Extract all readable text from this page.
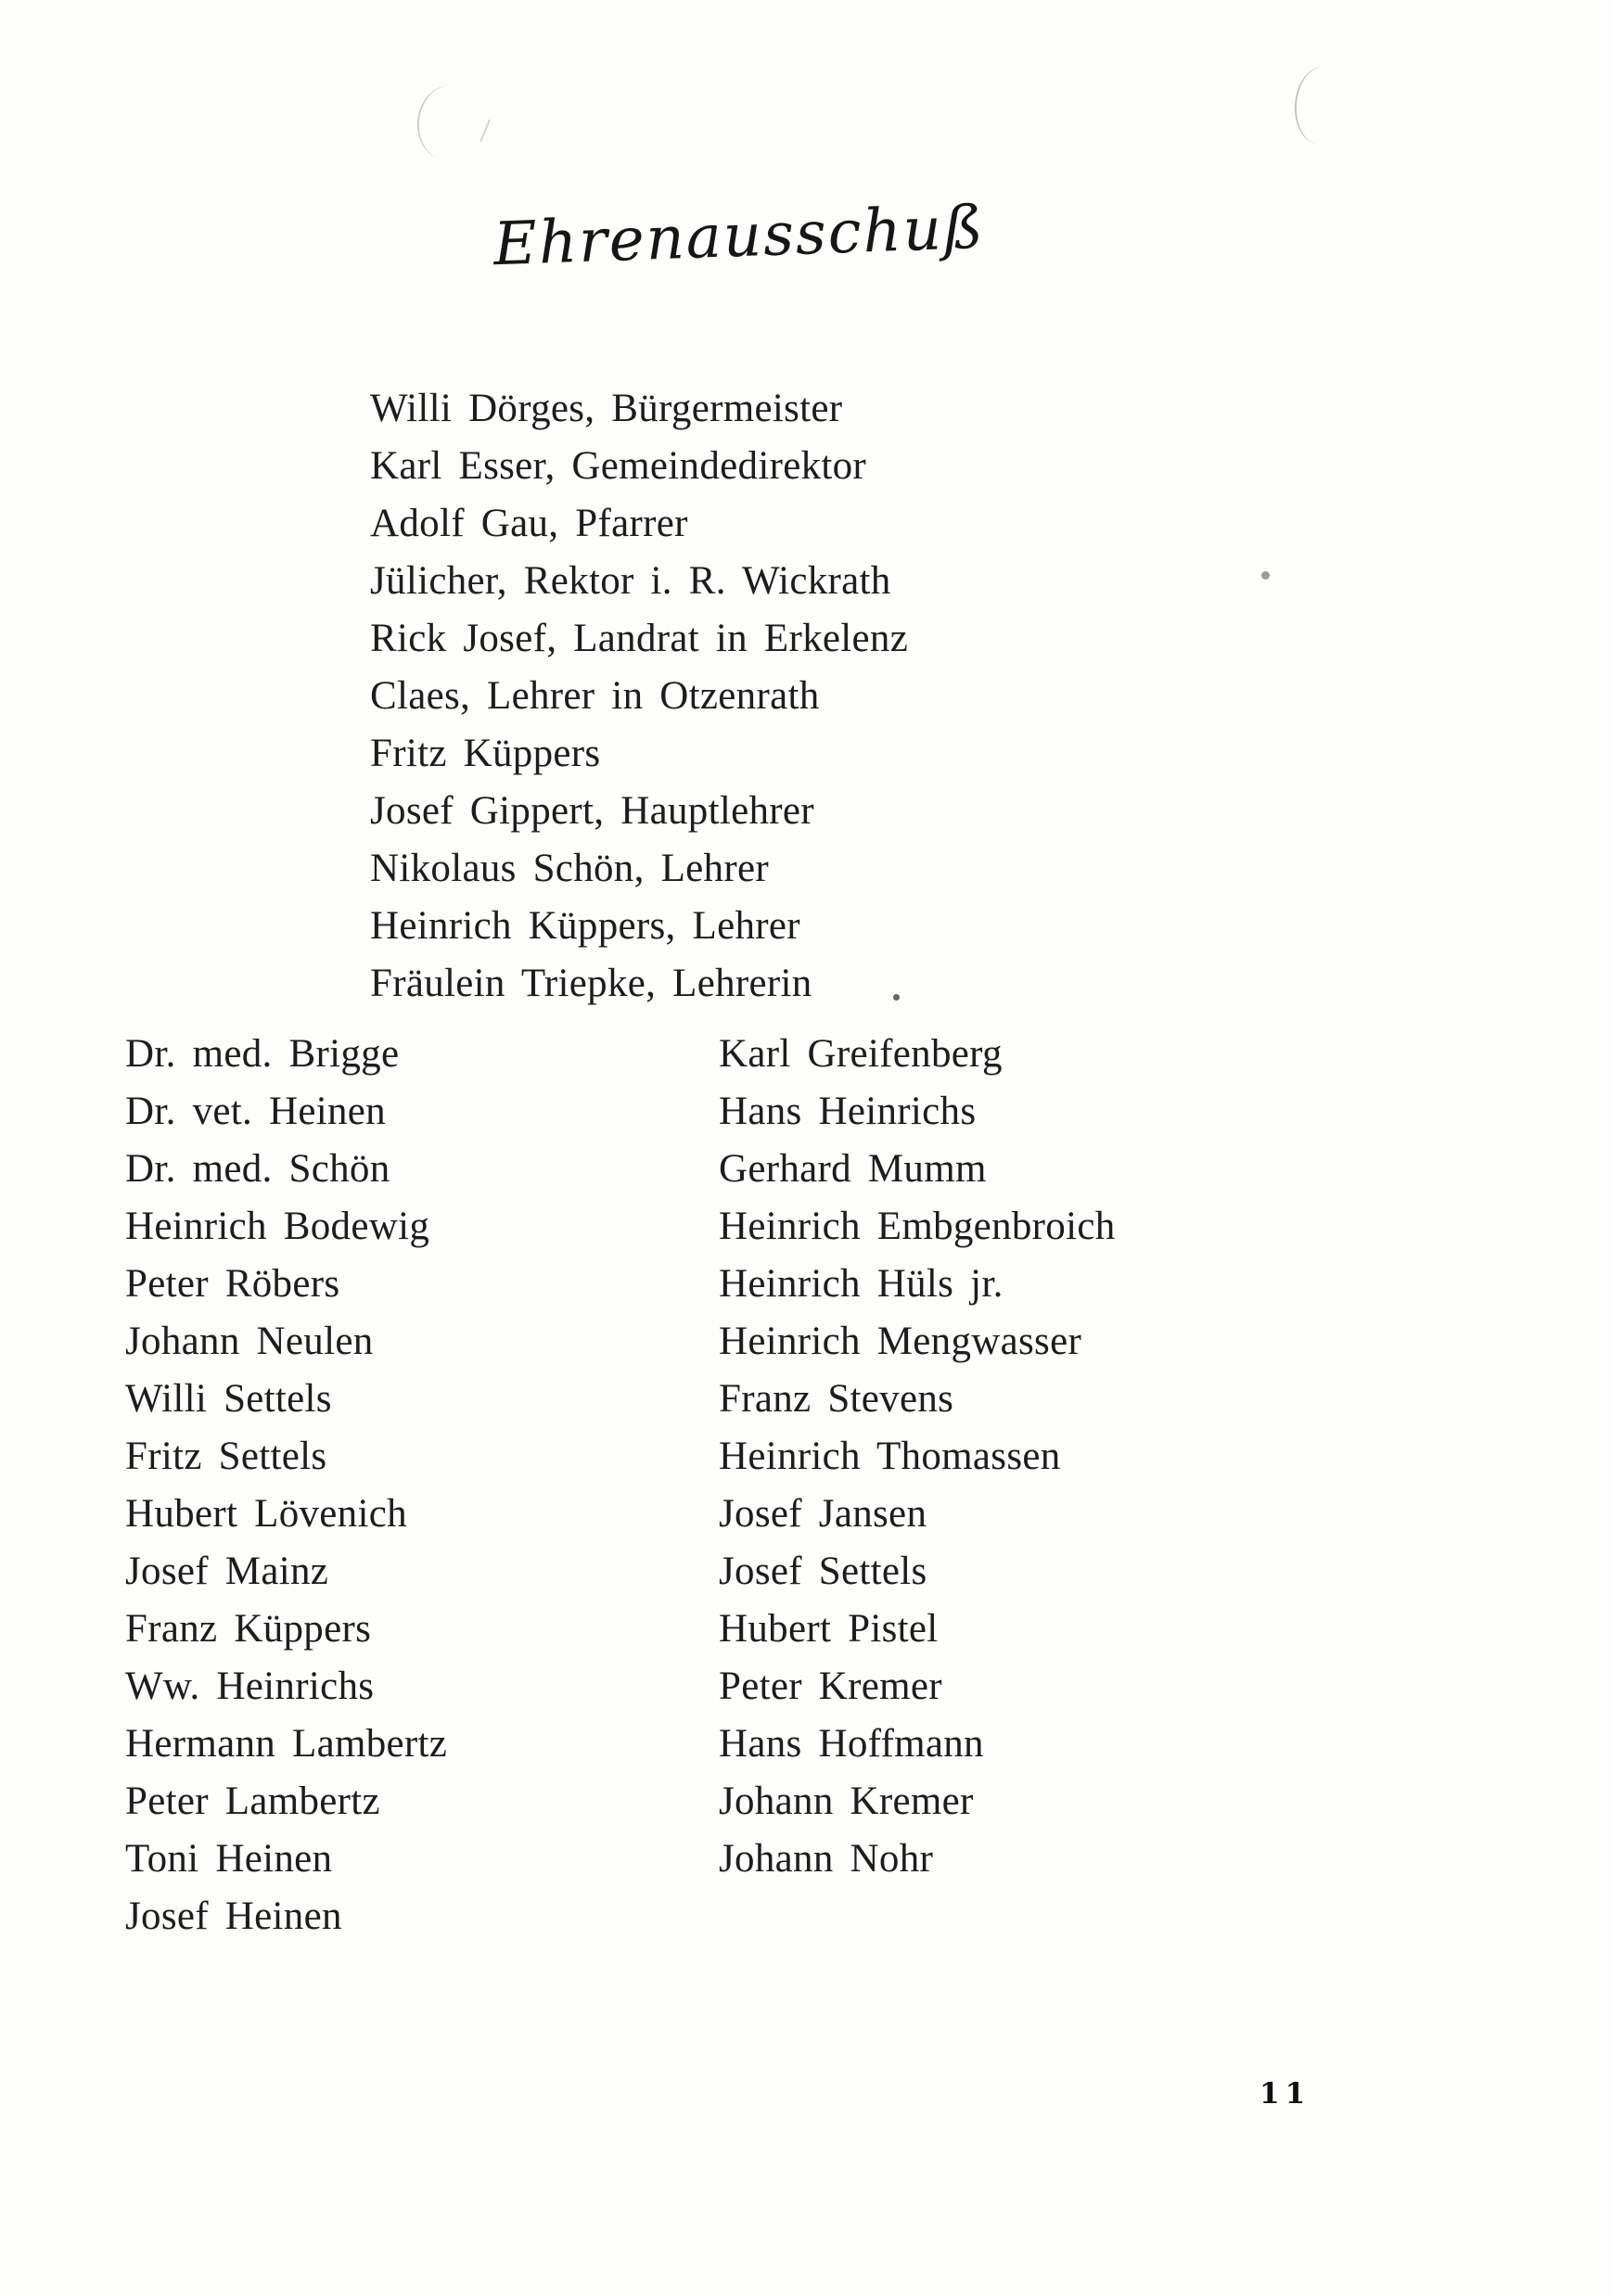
Ehrenausschuß
Willi Dörges, Bürgermeister
Karl Esser, Gemeindedirektor
Adolf Gau, Pfarrer
Jülicher, Rektor i. R. Wickrath
Rick Josef, Landrat in Erkelenz
Claes, Lehrer in Otzenrath
Fritz Küppers
Josef Gippert, Hauptlehrer
Nikolaus Schön, Lehrer
Heinrich Küppers, Lehrer
Fräulein Triepke, Lehrerin
Dr. med. Brigge
Dr. vet. Heinen
Dr. med. Schön
Heinrich Bodewig
Peter Röbers
Johann Neulen
Willi Settels
Fritz Settels
Hubert Lövenich
Josef Mainz
Franz Küppers
Ww. Heinrichs
Hermann Lambertz
Peter Lambertz
Toni Heinen
Josef Heinen
Karl Greifenberg
Hans Heinrichs
Gerhard Mumm
Heinrich Embgenbroich
Heinrich Hüls jr.
Heinrich Mengwasser
Franz Stevens
Heinrich Thomassen
Josef Jansen
Josef Settels
Hubert Pistel
Peter Kremer
Hans Hoffmann
Johann Kremer
Johann Nohr
11
